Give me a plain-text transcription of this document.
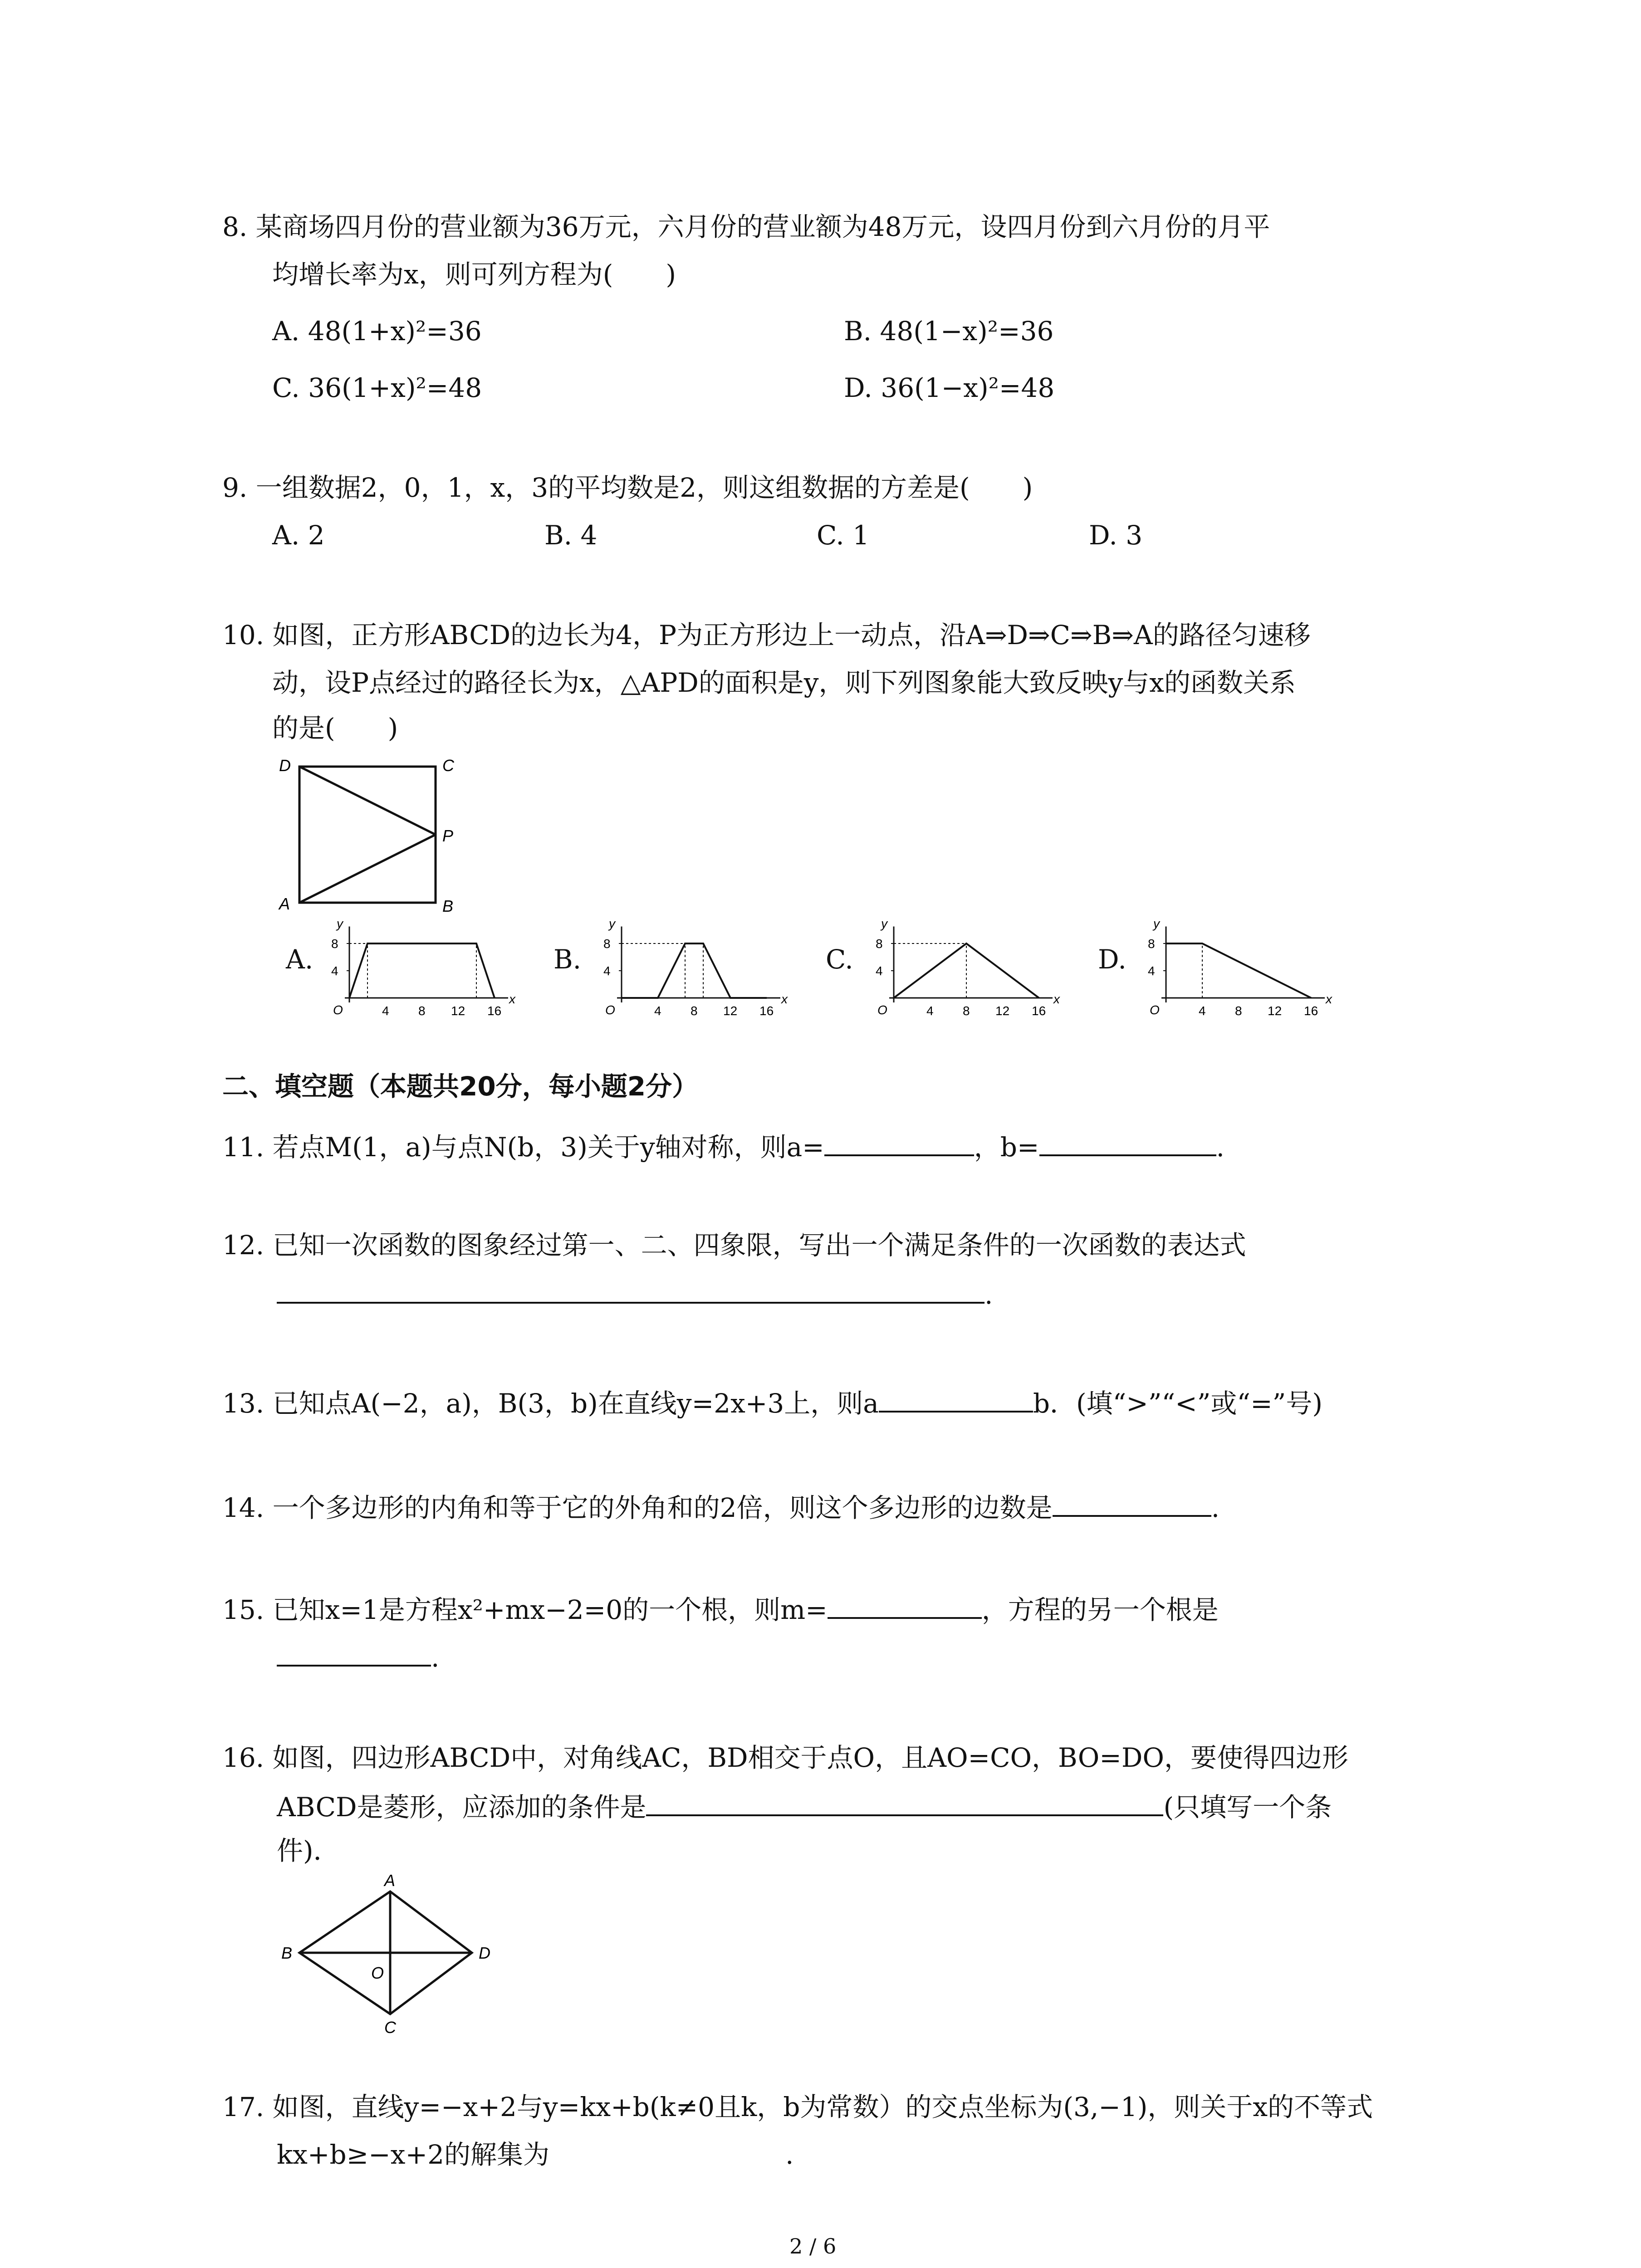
8. 某商场四月份的营业额为36万元，六月份的营业额为48万元，设四月份到六月份的月平
均增长率为x，则可列方程为(　　)
A. 48(1+x)²=36	B. 48(1−x)²=36
C. 36(1+x)²=48	D. 36(1−x)²=48
9. 一组数据2，0，1，x，3的平均数是2，则这组数据的方差是(　　)
A. 2	B. 4	C. 1	D. 3
10. 如图，正方形ABCD的边长为4，P为正方形边上一动点，沿A⇒D⇒C⇒B⇒A的路径匀速移
动，设P点经过的路径长为x，△APD的面积是y，则下列图象能大致反映y与x的函数关系
的是(　　)
D	C
P
A	B
A.	B.	C.	D.
y
x
O
8
4
4 8 12 16
y
x
O
8
4
4 8 12 16
y
x
O
8
4
4 8 12 16
y
x
O
8
4
4 8 12 16
二、填空题（本题共20分，每小题2分）
11. 若点M(1，a)与点N(b，3)关于y轴对称，则a=	，b=	.
12. 已知一次函数的图象经过第一、二、四象限，写出一个满足条件的一次函数的表达式
.
13. 已知点A(−2，a)，B(3，b)在直线y=2x+3上，则a	b．(填“>”“<”或“=”号)
14. 一个多边形的内角和等于它的外角和的2倍，则这个多边形的边数是	.
15. 已知x=1是方程x²+mx−2=0的一个根，则m=	，方程的另一个根是
.
16. 如图，四边形ABCD中，对角线AC，BD相交于点O，且AO=CO，BO=DO，要使得四边形
ABCD是菱形，应添加的条件是	(只填写一个条
件)．
A
B
O
D
C
17. 如图，直线y=−x+2与y=kx+b(k≠0且k，b为常数）的交点坐标为(3,−1)，则关于x的不等式
kx+b≥−x+2的解集为	.
2 / 6
